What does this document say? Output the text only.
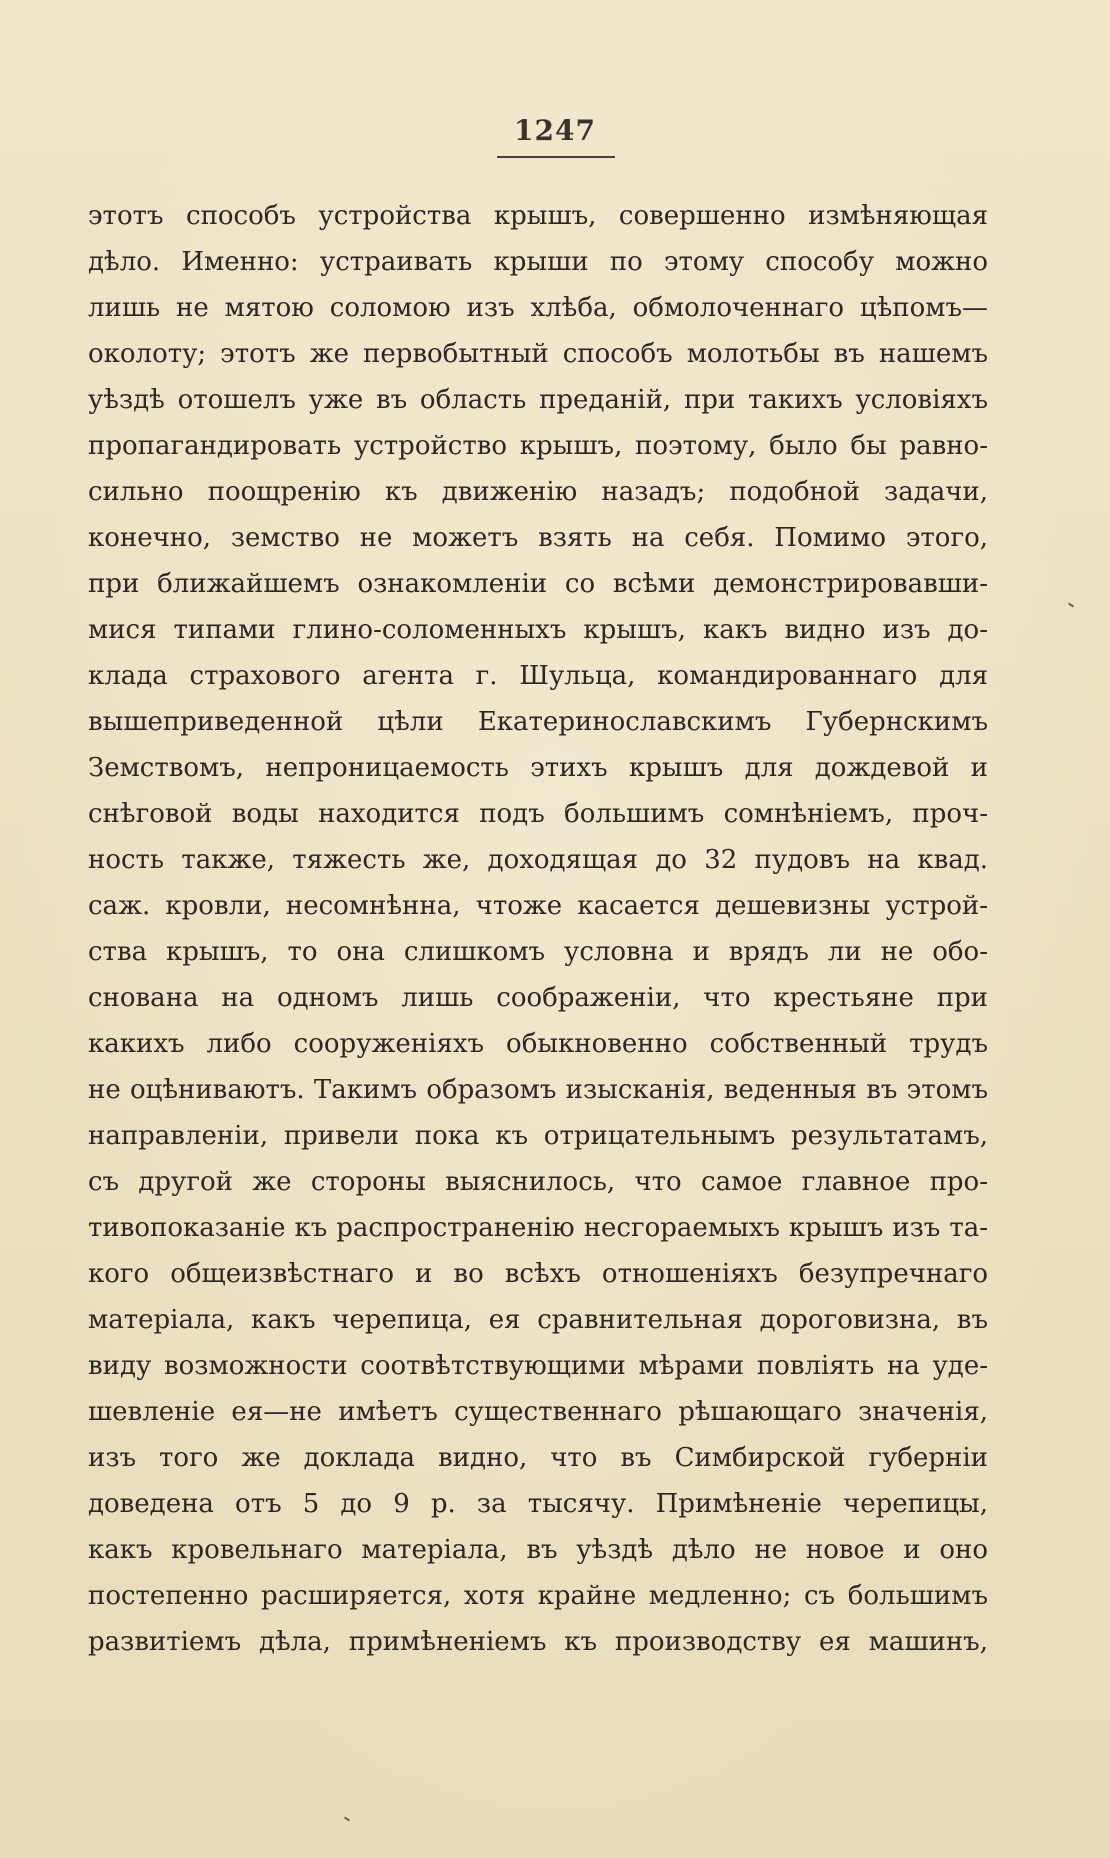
1247
этотъ способъ устройства крышъ, совершенно измѣняющая
дѣло. Именно: устраивать крыши по этому способу можно
лишь не мятою соломою изъ хлѣба, обмолоченнаго цѣпомъ—
околоту; этотъ же первобытный способъ молотьбы въ нашемъ
уѣздѣ отошелъ уже въ область преданій, при такихъ условіяхъ
пропагандировать устройство крышъ, поэтому, было бы равно-
сильно поощренію къ движенію назадъ; подобной задачи,
конечно, земство не можетъ взять на себя. Помимо этого,
при ближайшемъ ознакомленіи со всѣми демонстрировавши-
мися типами глино-соломенныхъ крышъ, какъ видно изъ до-
клада страхового агента г. Шульца, командированнаго для
вышеприведенной цѣли Екатеринославскимъ Губернскимъ
Земствомъ, непроницаемость этихъ крышъ для дождевой и
снѣговой воды находится подъ большимъ сомнѣніемъ, проч-
ность также, тяжесть же, доходящая до 32 пудовъ на квад.
саж. кровли, несомнѣнна, чтоже касается дешевизны устрой-
ства крышъ, то она слишкомъ условна и врядъ ли не обо-
снована на одномъ лишь соображеніи, что крестьяне при
какихъ либо сооруженіяхъ обыкновенно собственный трудъ
не оцѣниваютъ. Такимъ образомъ изысканія, веденныя въ этомъ
направленіи, привели пока къ отрицательнымъ результатамъ,
съ другой же стороны выяснилось, что самое главное про-
тивопоказаніе къ распространенію несгораемыхъ крышъ изъ та-
кого общеизвѣстнаго и во всѣхъ отношеніяхъ безупречнаго
матеріала, какъ черепица, ея сравнительная дороговизна, въ
виду возможности соотвѣтствующими мѣрами повліять на уде-
шевленіе ея—не имѣетъ существеннаго рѣшающаго значенія,
изъ того же доклада видно, что въ Симбирской губерніи
доведена отъ 5 до 9 р. за тысячу. Примѣненіе черепицы,
какъ кровельнаго матеріала, въ уѣздѣ дѣло не новое и оно
постепенно расширяется, хотя крайне медленно; съ большимъ
развитіемъ дѣла, примѣненіемъ къ производству ея машинъ,
